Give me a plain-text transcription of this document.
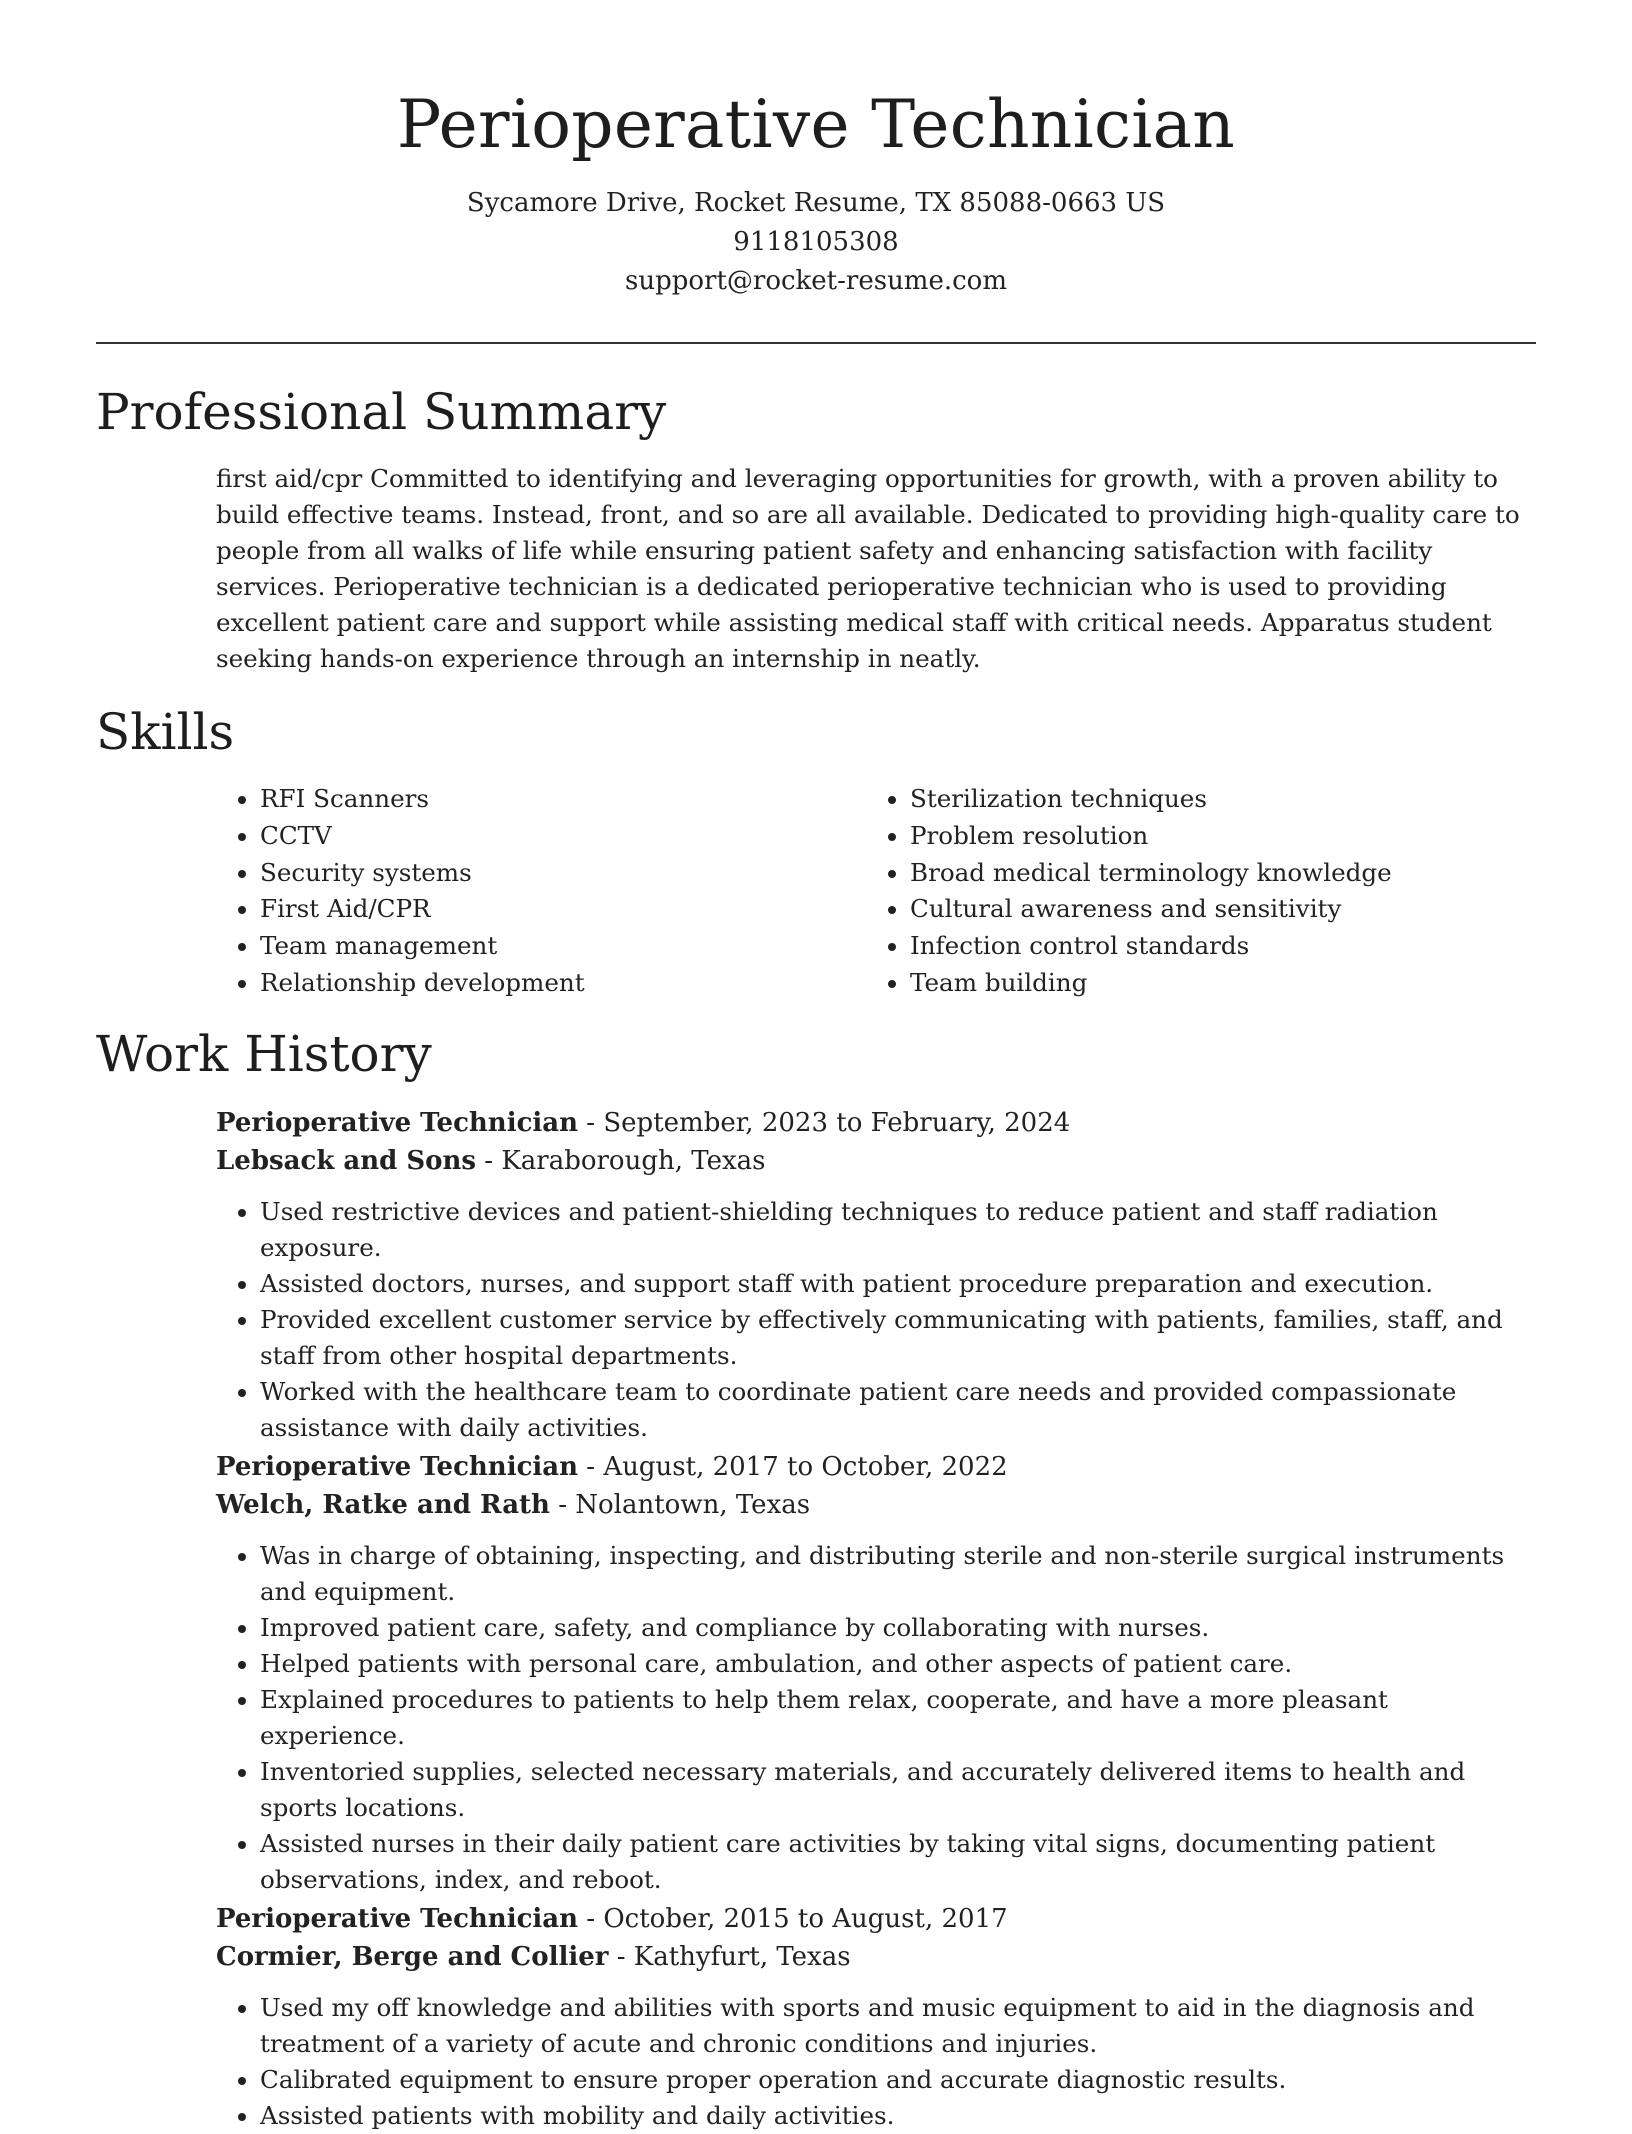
Perioperative Technician

Sycamore Drive, Rocket Resume, TX 85088-0663 US

9118105308

support@rocket-resume.com

Professional Summary

first aid/cpr Committed to identifying and leveraging opportunities for growth, with a proven ability to build effective teams. Instead, front, and so are all available. Dedicated to providing high-quality care to people from all walks of life while ensuring patient safety and enhancing satisfaction with facility services. Perioperative technician is a dedicated perioperative technician who is used to providing excellent patient care and support while assisting medical staff with critical needs. Apparatus student seeking hands-on experience through an internship in neatly.

Skills
• RFI Scanners
• CCTV
• Security systems
• First Aid/CPR
• Team management
• Relationship development
• Sterilization techniques
• Problem resolution
• Broad medical terminology knowledge
• Cultural awareness and sensitivity
• Infection control standards
• Team building
Work History

Perioperative Technician - September, 2023 to February, 2024

Lebsack and Sons - Karaborough, Texas

• Used restrictive devices and patient-shielding techniques to reduce patient and staff radiation exposure.
• Assisted doctors, nurses, and support staff with patient procedure preparation and execution.
• Provided excellent customer service by effectively communicating with patients, families, staff, and staff from other hospital departments.
• Worked with the healthcare team to coordinate patient care needs and provided compassionate assistance with daily activities.

Perioperative Technician - August, 2017 to October, 2022

Welch, Ratke and Rath - Nolantown, Texas

• Was in charge of obtaining, inspecting, and distributing sterile and non-sterile surgical instruments and equipment.
• Improved patient care, safety, and compliance by collaborating with nurses.
• Helped patients with personal care, ambulation, and other aspects of patient care.
• Explained procedures to patients to help them relax, cooperate, and have a more pleasant experience.
• Inventoried supplies, selected necessary materials, and accurately delivered items to health and sports locations.
• Assisted nurses in their daily patient care activities by taking vital signs, documenting patient observations, index, and reboot.

Perioperative Technician - October, 2015 to August, 2017

Cormier, Berge and Collier - Kathyfurt, Texas

• Used my off knowledge and abilities with sports and music equipment to aid in the diagnosis and treatment of a variety of acute and chronic conditions and injuries.
• Calibrated equipment to ensure proper operation and accurate diagnostic results.
• Assisted patients with mobility and daily activities.
